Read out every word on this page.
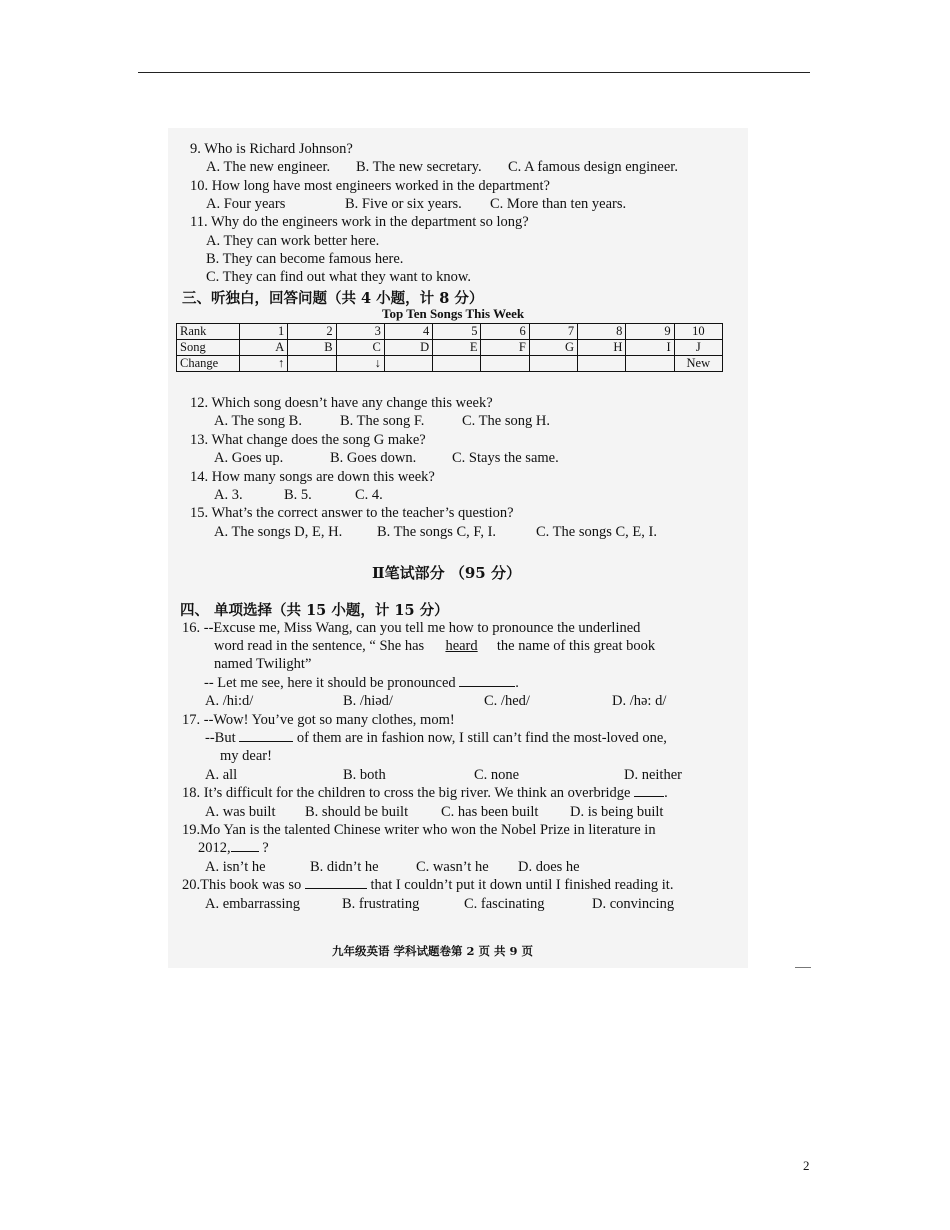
9. Who is Richard Johnson?
A. The new engineer. B. The new secretary. C. A famous design engineer.
10. How long have most engineers worked in the department?
A. Four years	B. Five or six years. C. More than ten years.
11. Why do the engineers work in the department so long?
A. They can work better here.
B. They can become famous here.
C. They can find out what they want to know.
三、听独白，回答问题（共 4 小题，计 8 分）
Top Ten Songs This Week
Rank	1	2	3	4	5	6	7	8	9	10
Song	A	B	C	D	E	F	G	H	I	J
Change	↑		↓							New
12. Which song doesn’t have any change this week?
A. The song B.	B. The song F.	C. The song H.
13. What change does the song G make?
A. Goes up.	B. Goes down. C. Stays the same.
14. How many songs are down this week?
A. 3.	B. 5.	C. 4.
15. What’s the correct answer to the teacher’s question?
A. The songs D, E, H. B. The songs C, F, I.	C. The songs C, E, I.
Ⅱ笔试部分 （95 分）
四、 单项选择（共 15 小题，计 15 分）
16. --Excuse me, Miss Wang, can you tell me how to pronounce the underlined
word read in the sentence, “ She has heard the name of this great book
named Twilight”
-- Let me see, here it should be pronounced	.
A. /hi:d/	B. /hiəd/	C. /hed/	D. /hə: d/
17. --Wow! You’ve got so many clothes, mom!
--But	of them are in fashion now, I still can’t find the most-loved one,
my dear!
A. all	B. both	C. none	D. neither
18. It’s difficult for the children to cross the big river. We think an overbridge .
A. was built B. should be built C. has been built D. is being built
19.Mo Yan is the talented Chinese writer who won the Nobel Prize in literature in
2012, ?
A. isn’t he	B. didn’t he	C. wasn’t he D. does he
20.This book was so	that I couldn’t put it down until I finished reading it.
A. embarrassing	B. frustrating	C. fascinating	D. convincing
九年级英语 学科试题卷第 2 页 共 9 页
2
